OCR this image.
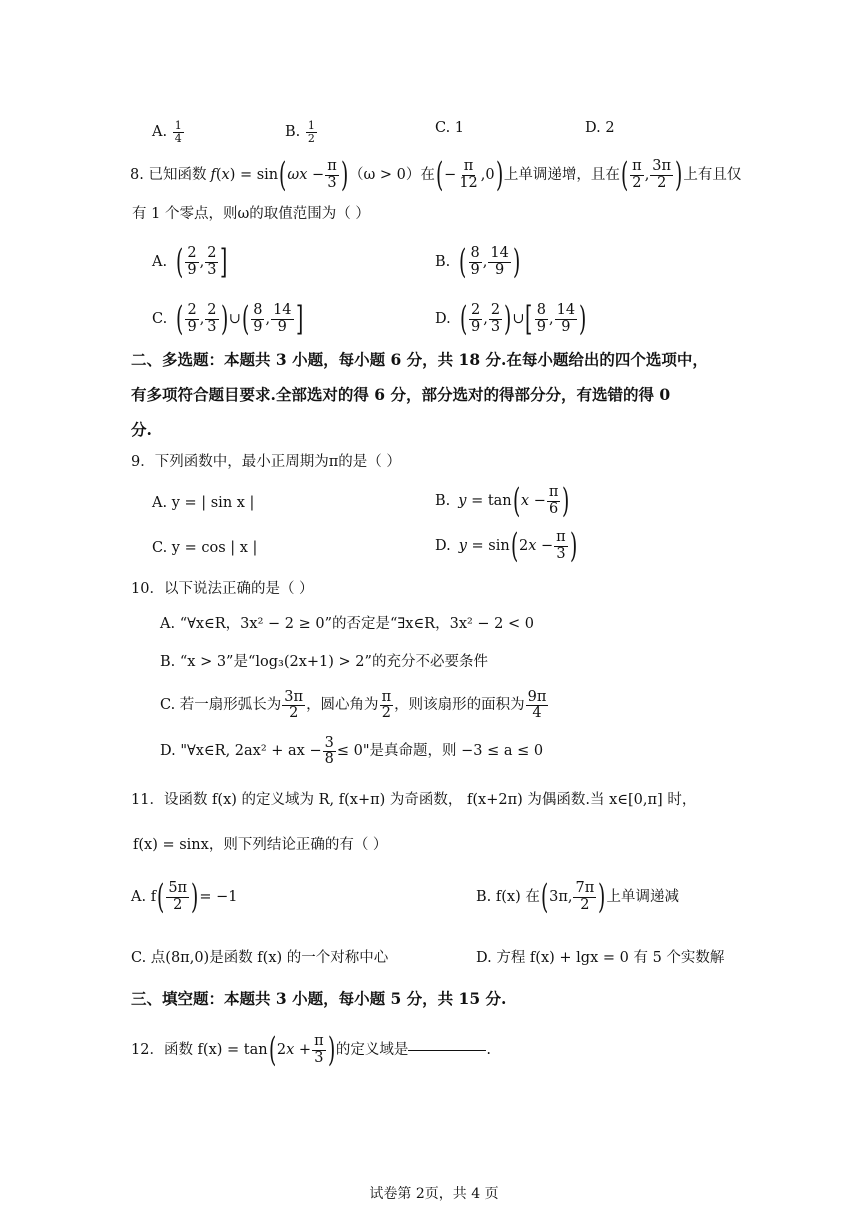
A. $\frac{1}{4}$	B. $\frac{1}{2}$	C. 1	D. 2
8. 已知函数 f(x) = sin ( $\omega x - \frac{\pi}{3}$ ) （ω > 0）在 ( − $\frac{\pi}{12} ,0$ ) 上单调递增，且在 ( $\frac{\pi}{2}$ , $\frac{3\pi}{2}$ ) 上有且仅
有 1 个零点，则ω的取值范围为（ ）
A. ( $\frac{2}{9}$ , $\frac{2}{3}$ ]	B. ( $\frac{8}{9}$ , $\frac{14}{9}$ )
C. ( $\frac{2}{9}$ , $\frac{2}{3}$ ) ∪ ( $\frac{8}{9}$ , $\frac{14}{9}$ ]	D. ( $\frac{2}{9}$ , $\frac{2}{3}$ ) ∪ [ $\frac{8}{9}$ , $\frac{14}{9}$ )
二、多选题：本题共 3 小题，每小题 6 分，共 18 分.在每小题给出的四个选项中，
有多项符合题目要求.全部选对的得 6 分，部分选对的得部分分，有选错的得 0
分.
9．下列函数中，最小正周期为π的是（ ）
A. y = | sin x |	B. y = tan ( $x - \frac{\pi}{6}$ )
C. y = cos | x |	D. y = sin ( $2x - \frac{\pi}{3}$ )
10．以下说法正确的是（ ）
A. “∀x∈R，3x² − 2 ≥ 0”的否定是“∃x∈R，3x² − 2 < 0
B. “x > 3”是“log₃(2x+1) > 2”的充分不必要条件
C. 若一扇形弧长为 $\frac{3\pi}{2}$ ，圆心角为 $\frac{\pi}{2}$ ，则该扇形的面积为 $\frac{9\pi}{4}$
D. "∀x∈R, 2ax² + ax − $\frac{3}{8} \le 0$"是真命题，则 −3 ≤ a ≤ 0
11．设函数 f(x) 的定义域为 R, f(x+π) 为奇函数， f(x+2π) 为偶函数.当 x∈[0,π] 时，
f(x) = sinx，则下列结论正确的有（ ）
A. f ( $\frac{5\pi}{2}$ ) = −1	B. f(x) 在 ( 3π, $\frac{7\pi}{2}$ ) 上单调递减
C. 点(8π,0)是函数 f(x) 的一个对称中心	D. 方程 f(x) + lgx = 0 有 5 个实数解
三、填空题：本题共 3 小题，每小题 5 分，共 15 分.
12．函数 f(x) = tan ( $2x + \frac{\pi}{3}$ ) 的定义域是	.
试卷第 2页，共 4 页
